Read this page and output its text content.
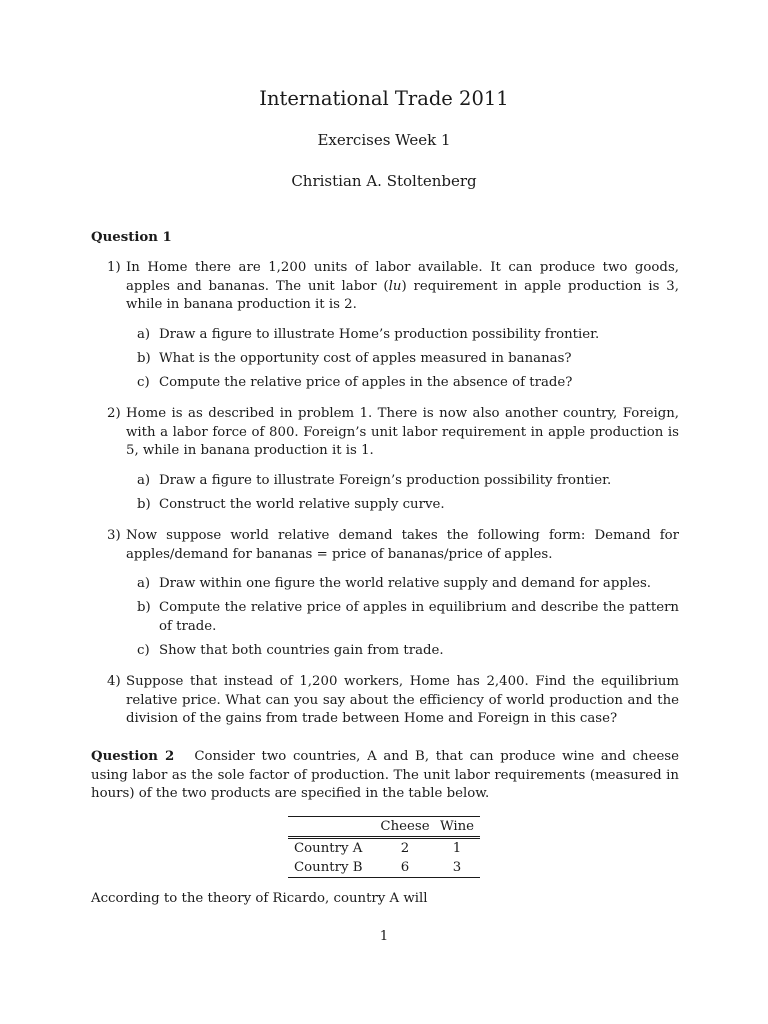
International Trade 2011
Exercises Week 1
Christian A. Stoltenberg
Question 1
1) In Home there are 1,200 units of labor available. It can produce two goods, apples and bananas. The unit labor (lu) requirement in apple production is 3, while in banana production it is 2.
a) Draw a figure to illustrate Home’s production possibility frontier.
b) What is the opportunity cost of apples measured in bananas?
c) Compute the relative price of apples in the absence of trade?
2) Home is as described in problem 1. There is now also another country, Foreign, with a labor force of 800. Foreign’s unit labor requirement in apple production is 5, while in banana production it is 1.
a) Draw a figure to illustrate Foreign’s production possibility frontier.
b) Construct the world relative supply curve.
3) Now suppose world relative demand takes the following form: Demand for apples/demand for bananas = price of bananas/price of apples.
a) Draw within one figure the world relative supply and demand for apples.
b) Compute the relative price of apples in equilibrium and describe the pattern of trade.
c) Show that both countries gain from trade.
4) Suppose that instead of 1,200 workers, Home has 2,400. Find the equilibrium relative price. What can you say about the efficiency of world production and the division of the gains from trade between Home and Foreign in this case?
Question 2 Consider two countries, A and B, that can produce wine and cheese using labor as the sole factor of production. The unit labor requirements (measured in hours) of the two products are specified in the table below.
	Cheese	Wine
Country A	2	1
Country B	6	3
According to the theory of Ricardo, country A will
1
